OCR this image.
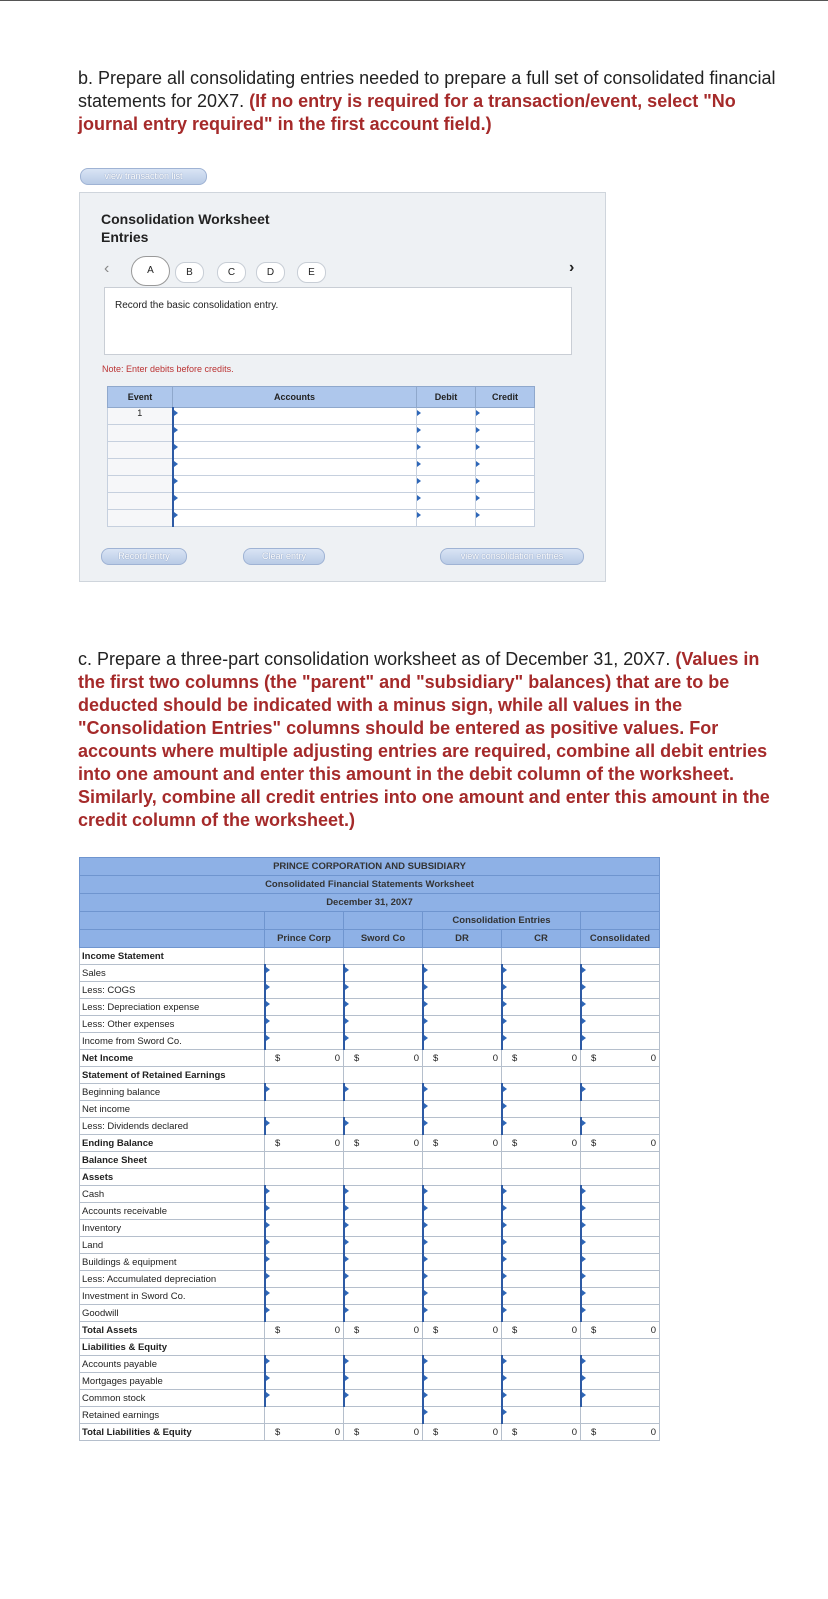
b. Prepare all consolidating entries needed to prepare a full set of consolidated financial statements for 20X7. (If no entry is required for a transaction/event, select "No journal entry required" in the first account field.)
view transaction list
Consolidation Worksheet Entries
‹	A	B	C	D	E	›
Record the basic consolidation entry.
Note: Enter debits before credits.
Event	Accounts	Debit	Credit
1			

Record entry	Clear entry	view consolidation entries
c. Prepare a three-part consolidation worksheet as of December 31, 20X7. (Values in the first two columns (the "parent" and "subsidiary" balances) that are to be deducted should be indicated with a minus sign, while all values in the "Consolidation Entries" columns should be entered as positive values. For accounts where multiple adjusting entries are required, combine all debit entries into one amount and enter this amount in the debit column of the worksheet. Similarly, combine all credit entries into one amount and enter this amount in the credit column of the worksheet.)
PRINCE CORPORATION AND SUBSIDIARY					
Consolidated Financial Statements Worksheet					
December 31, 20X7					
			Consolidation Entries		
	Prince Corp	Sword Co	DR	CR	Consolidated
Income Statement					
Sales					
Less: COGS					
Less: Depreciation expense					
Less: Other expenses					
Income from Sword Co.					
Net Income	$ 0	$ 0	$ 0	$ 0	$ 0

Statement of Retained Earnings					
Beginning balance					
Net income					
Less: Dividends declared					
Ending Balance	$ 0	$ 0	$ 0	$ 0	$ 0

Balance Sheet					
Assets					
Cash					
Accounts receivable					
Inventory					
Land					
Buildings & equipment					
Less: Accumulated depreciation					
Investment in Sword Co.					
Goodwill					
Total Assets	$ 0	$ 0	$ 0	$ 0	$ 0

Liabilities & Equity					
Accounts payable					
Mortgages payable					
Common stock					
Retained earnings					
Total Liabilities & Equity	$ 0	$ 0	$ 0	$ 0	$ 0
